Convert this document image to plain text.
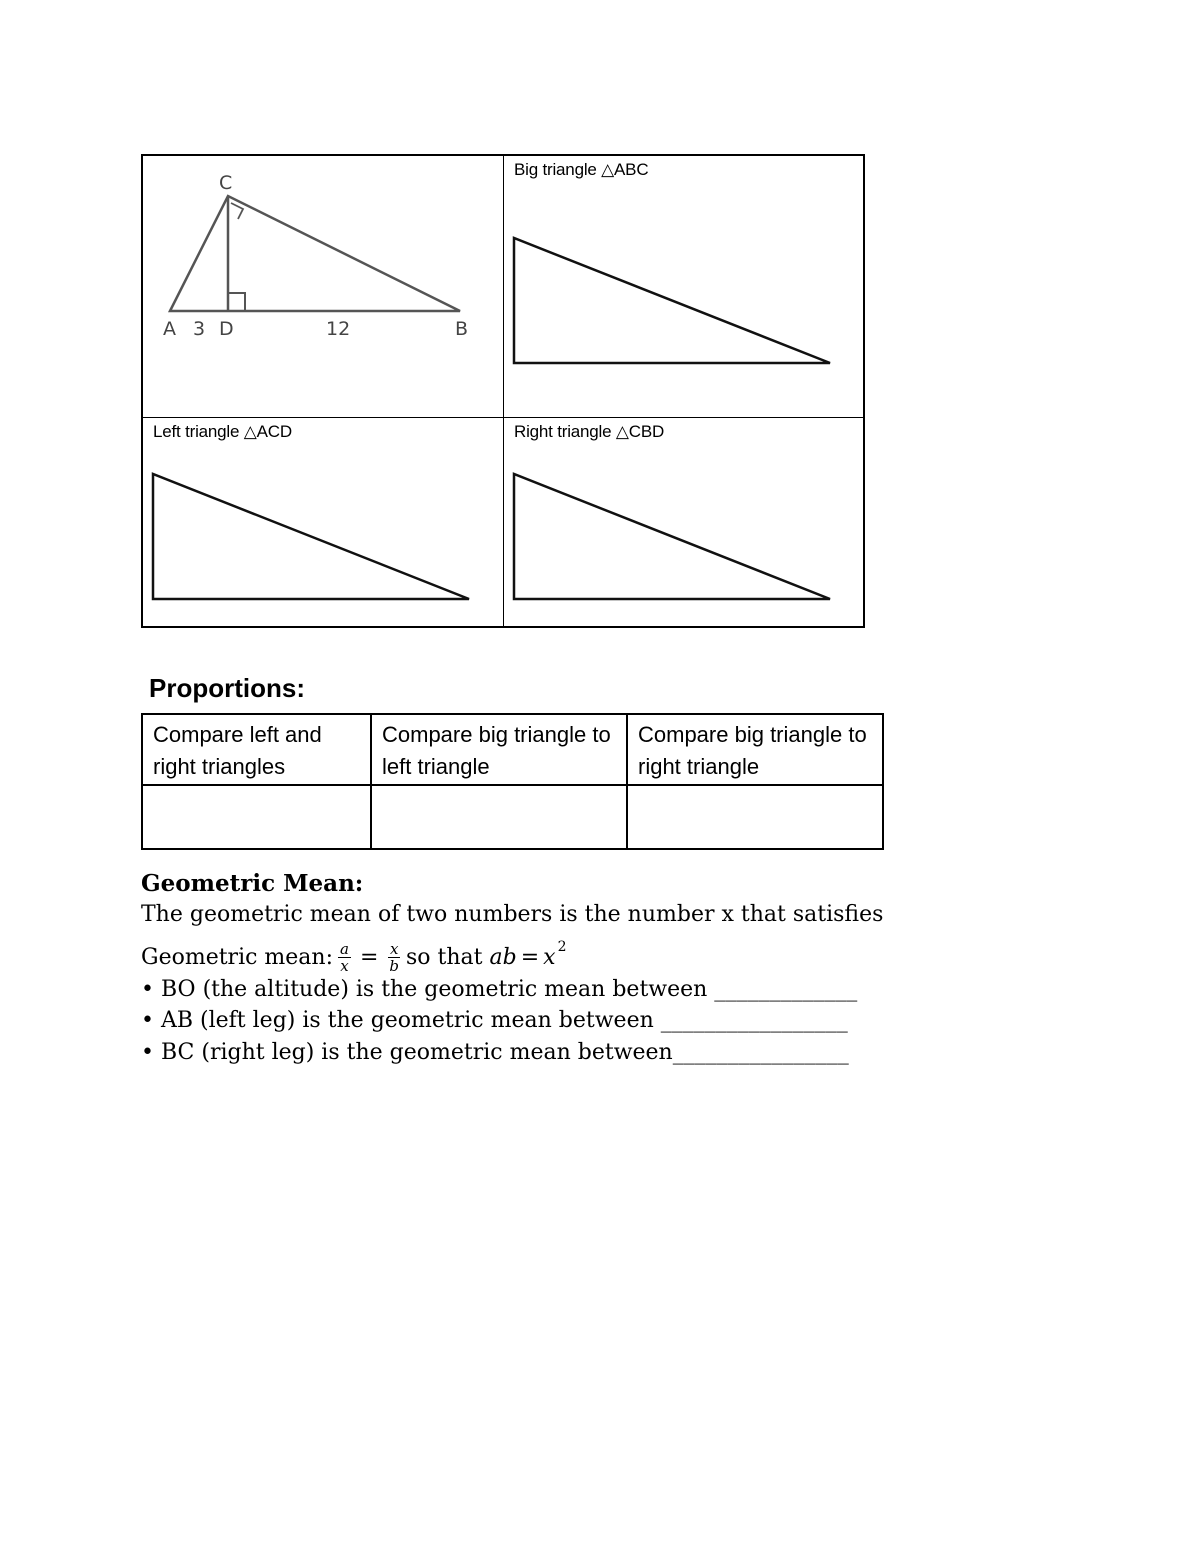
C
A 3 D	12	B
Big triangle △ABC
Left triangle △ACD	Right triangle △CBD
Proportions:
Compare left and right triangles	Compare big triangle to left triangle	Compare big triangle to right triangle

Geometric Mean:
The geometric mean of two numbers is the number x that satisfies
Geometric mean: $\frac{a}{x} = \frac{x}{b}$ so that
ab = x 2
• BO (the altitude) is the geometric mean between _____________
• AB (left leg) is the geometric mean between _________________
• BC (right leg) is the geometric mean between________________
